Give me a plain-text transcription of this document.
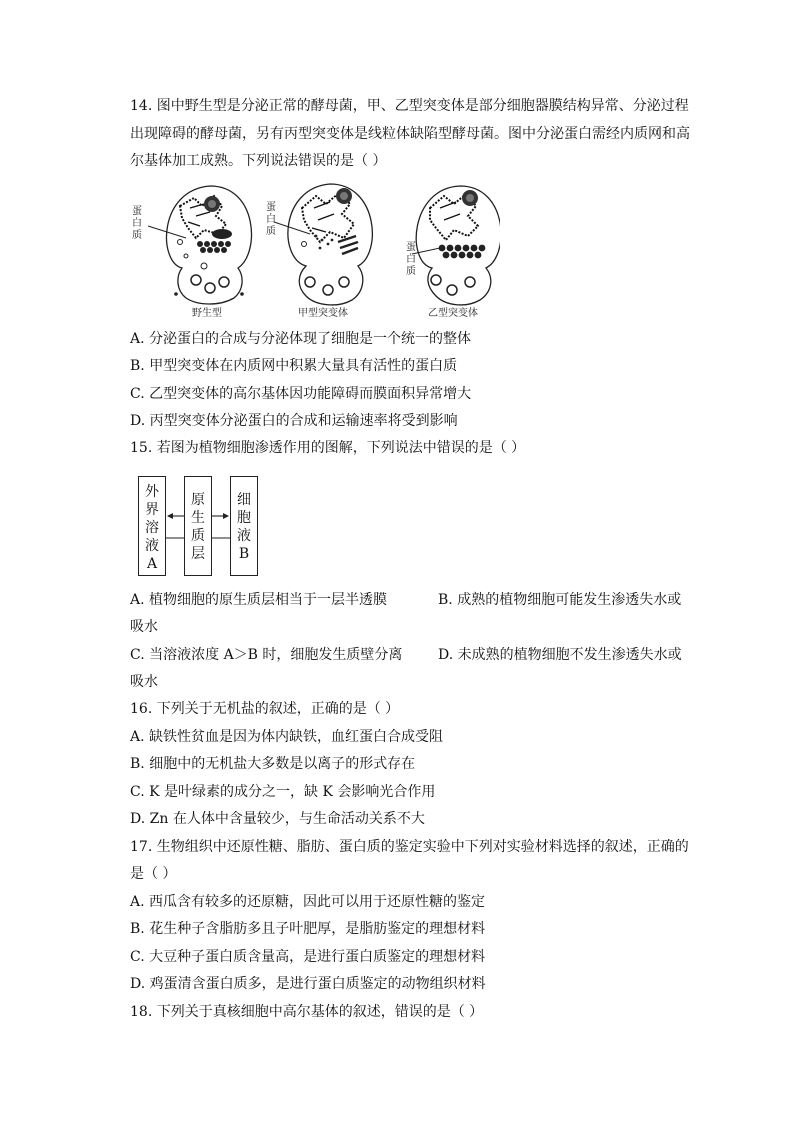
14. 图中野生型是分泌正常的酵母菌，甲、乙型突变体是部分细胞器膜结构异常、分泌过程
出现障碍的酵母菌，另有丙型突变体是线粒体缺陷型酵母菌。图中分泌蛋白需经内质网和高
尔基体加工成熟。下列说法错误的是（ ）
蛋
白
质
野生型
蛋
白
质
甲型突变体
蛋
白
质
乙型突变体
A. 分泌蛋白的合成与分泌体现了细胞是一个统一的整体
B. 甲型突变体在内质网中积累大量具有活性的蛋白质
C. 乙型突变体的高尔基体因功能障碍而膜面积异常增大
D. 丙型突变体分泌蛋白的合成和运输速率将受到影响
15. 若图为植物细胞渗透作用的图解，下列说法中错误的是（ ）
外
界
溶
液
A
原
生
质
层
细
胞
液
B
A. 植物细胞的原生质层相当于一层半透膜	B. 成熟的植物细胞可能发生渗透失水或
吸水
C. 当溶液浓度 A＞B 时，细胞发生质壁分离	D. 未成熟的植物细胞不发生渗透失水或
吸水
16. 下列关于无机盐的叙述，正确的是（ ）
A. 缺铁性贫血是因为体内缺铁，血红蛋白合成受阻
B. 细胞中的无机盐大多数是以离子的形式存在
C. K 是叶绿素的成分之一，缺 K 会影响光合作用
D. Zn 在人体中含量较少，与生命活动关系不大
17. 生物组织中还原性糖、脂肪、蛋白质的鉴定实验中下列对实验材料选择的叙述，正确的
是（ ）
A. 西瓜含有较多的还原糖，因此可以用于还原性糖的鉴定
B. 花生种子含脂肪多且子叶肥厚，是脂肪鉴定的理想材料
C. 大豆种子蛋白质含量高，是进行蛋白质鉴定的理想材料
D. 鸡蛋清含蛋白质多，是进行蛋白质鉴定的动物组织材料
18. 下列关于真核细胞中高尔基体的叙述，错误的是（ ）
